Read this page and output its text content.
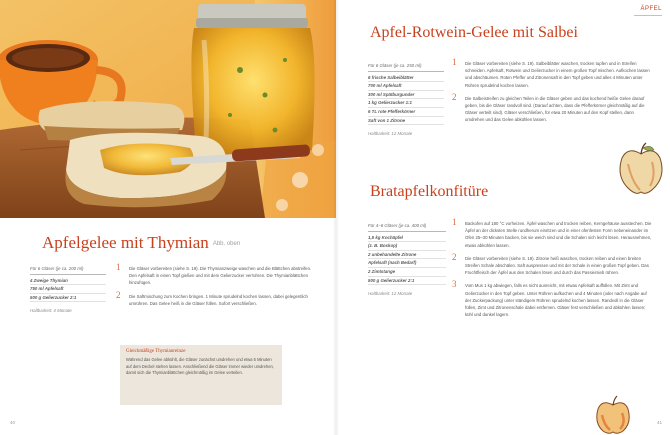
Apfelgelee mit Thymian Abb. oben
Für 6 Gläser (je ca. 200 ml)
4 Zweige Thymian
750 ml Apfelsaft
500 g Gelierzucker 2:1
Haltbarkeit: 4 Monate
1 Die Gläser vorbereiten (siehe S. 19). Die Thymianzweige waschen und die Blättchen abstreifen. Den Apfelsaft in einen Topf gießen und mit dem Gelierzucker verrühren. Die Thymianblättchen hinzufügen.
2 Die Saftmischung zum Kochen bringen. 1 Minute sprudelnd kochen lassen, dabei gelegentlich umrühren. Das Gelee heiß in die Gläser füllen. Sofort verschließen.
Gleichmäßige Thymianreinze
Während das Gelee abkühlt, die Gläser zunächst umdrehen und etwa 5 Minuten auf dem Deckel stehen lassen. Anschließend die Gläser immer wieder umdrehen, damit sich die Thymianblättchen gleichmäßig im Gelee verteilen.
40
ÄPFEL
Apfel-Rotwein-Gelee mit Salbei
Für 6 Gläser (je ca. 250 ml)
6 frische Salbeiblätter
700 ml Apfelsaft
300 ml Spätburgunder
1 kg Gelierzucker 1:1
6 TL rote Pfefferkörner
Saft von 1 Zitrone
Haltbarkeit: 12 Monate
1 Die Gläser vorbereiten (siehe S. 19). Salbeiblätter waschen, trocken tupfen und in Streifen schneiden. Apfelsaft, Rotwein und Gelierzucker in einem großen Topf mischen. Aufkochen lassen und abschäumen. Roten Pfeffer und Zitronensaft in den Topf geben und alles 4 Minuten unter Rühren sprudelnd kochen lassen.
2 Die Salbeistreifen zu gleichen Teilen in die Gläser geben und das kochend heiße Gelee darauf geben, bis die Gläser randvoll sind. (Darauf achten, dass die Pfefferkörner gleichmäßig auf die Gläser verteilt sind). Gläser verschließen, für etwa 20 Minuten auf den Kopf stellen, dann umdrehen und das Gelee abkühlen lassen.
Bratapfelkonfitüre
Für 4–6 Gläser (je ca. 400 ml)
1,5 kg Kochäpfel
(z. B. Boskop)
2 unbehandelte Zitrone
Apfelsaft (nach Bedarf)
2 Zimtstange
500 g Gelierzucker 2:1
Haltbarkeit: 12 Monate
1 Backofen auf 180 °C vorheizen. Äpfel waschen und trocken reiben, Kerngehäuse ausstechen. Die Äpfel an der dicksten Stelle rundherum einritzen und in einer ofenfesten Form nebeneinander im Ofen 25–30 Minuten backen, bis sie weich sind und die Schalen sich leicht lösen. Herausnehmen, etwas abkühlen lassen.
2 Die Gläser vorbereiten (siehe S. 19). Zitrone heiß waschen, trocken reiben und einen breiten Streifen Schale abschälen. Saft auspressen und mit der Schale in einen großen Topf geben. Das Fruchtfleisch der Äpfel aus den Schalen lösen und durch das Passiersieb rühren.
3 Vom Mus 1 kg abwiegen, falls es nicht ausreicht, mit etwas Apfelsaft auffüllen. Mit Zimt und Gelierzucker in den Topf geben. Unter Rühren aufkochen und 4 Minuten (oder nach Angabe auf der Zuckerpackung) unter ständigem Rühren sprudelnd kochen lassen. Randvoll in die Gläser füllen, Zimt und Zitronenschale dabei entfernen. Gläser fest verschließen und abkühlen lassen; kühl und dunkel lagern.
41
